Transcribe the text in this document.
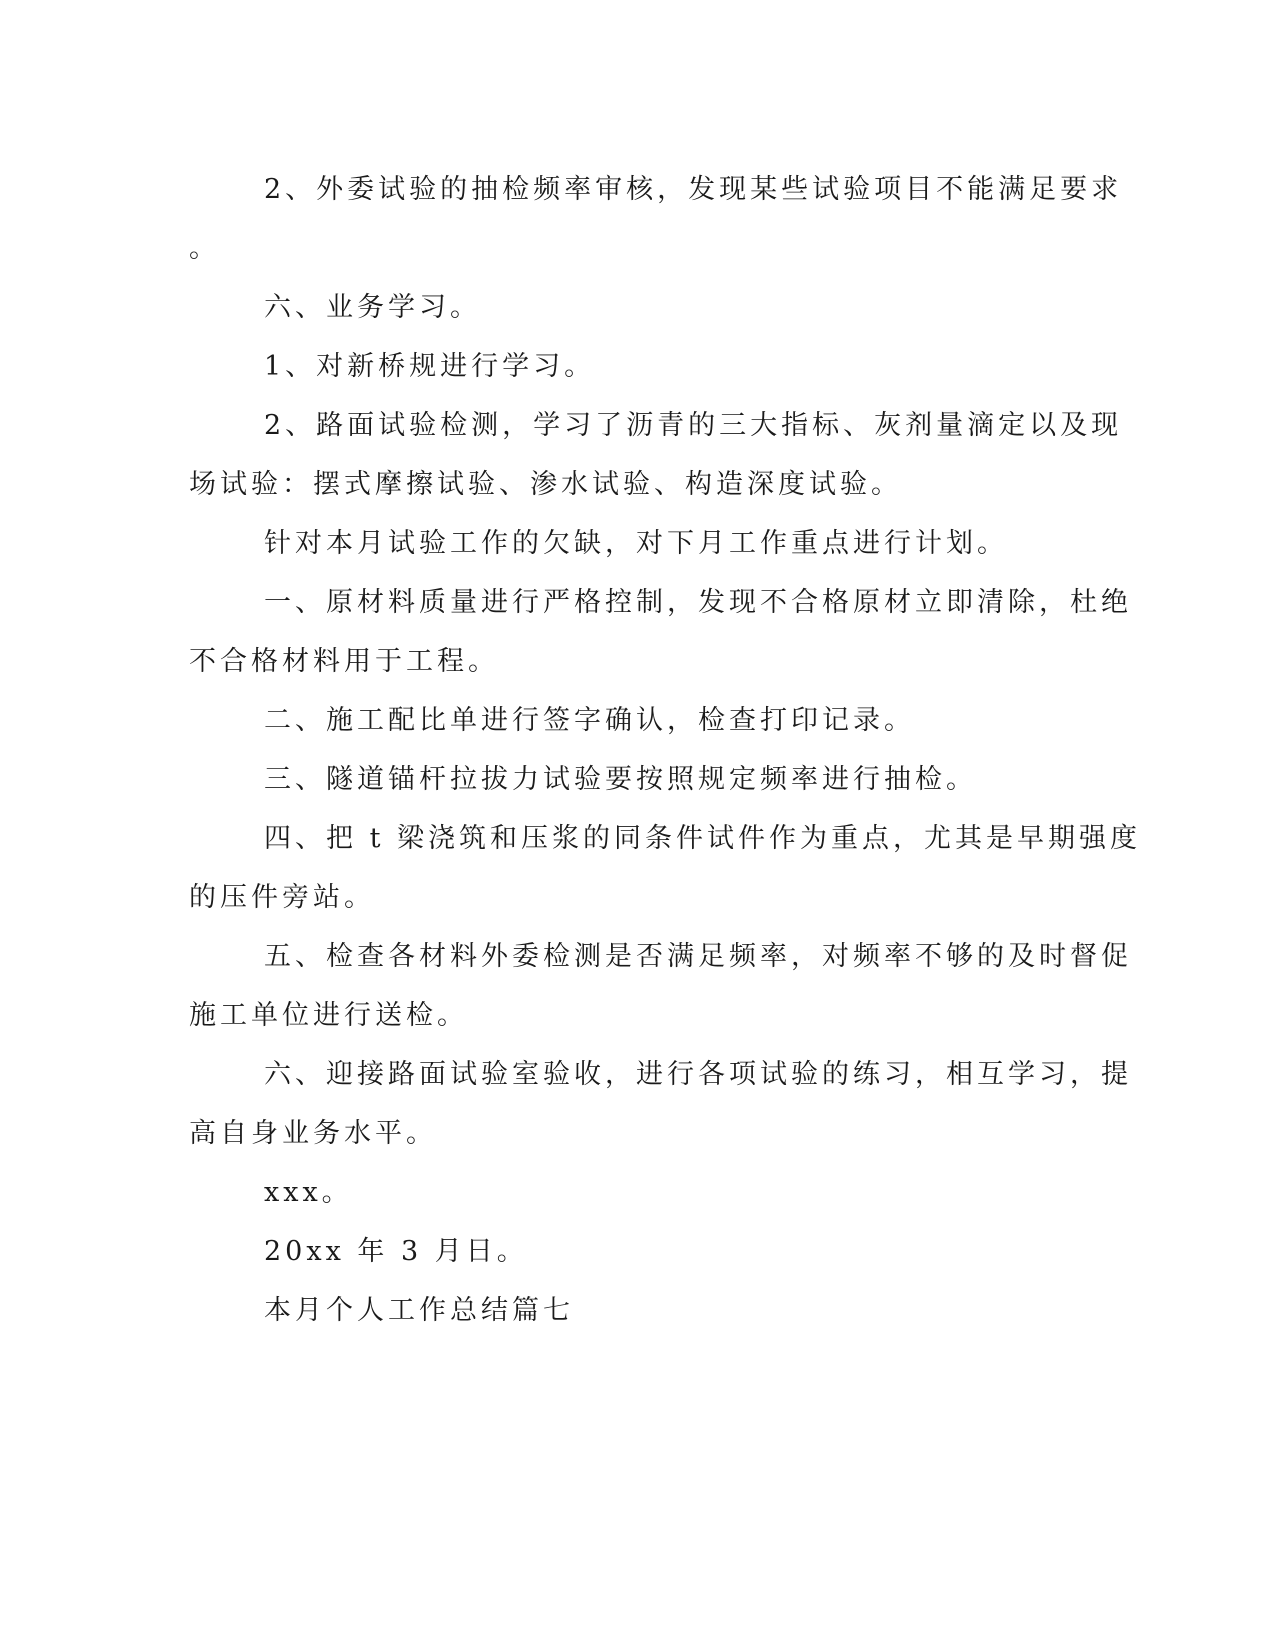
2、外委试验的抽检频率审核，发现某些试验项目不能满足要求
。
六、业务学习。
1、对新桥规进行学习。
2、路面试验检测，学习了沥青的三大指标、灰剂量滴定以及现
场试验：摆式摩擦试验、渗水试验、构造深度试验。
针对本月试验工作的欠缺，对下月工作重点进行计划。
一、原材料质量进行严格控制，发现不合格原材立即清除，杜绝
不合格材料用于工程。
二、施工配比单进行签字确认，检查打印记录。
三、隧道锚杆拉拔力试验要按照规定频率进行抽检。
四、把 t 梁浇筑和压浆的同条件试件作为重点，尤其是早期强度
的压件旁站。
五、检查各材料外委检测是否满足频率，对频率不够的及时督促
施工单位进行送检。
六、迎接路面试验室验收，进行各项试验的练习，相互学习，提
高自身业务水平。
xxx。
20xx 年 3 月日。
本月个人工作总结篇七
